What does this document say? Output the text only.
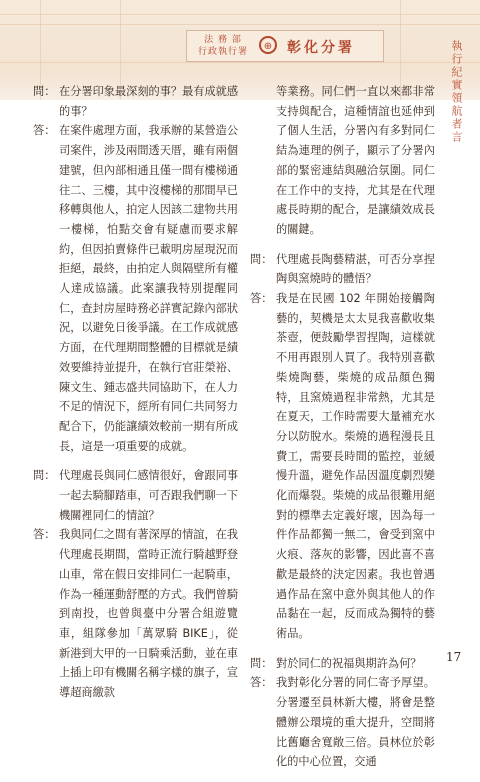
法 務 部
行政執行署	⊕	彰化分署	執行紀實 領航者言
問： 在分署印象最深刻的事？最有成就感的事？
答： 在案件處理方面，我承辦的某營造公司案件，涉及兩間透天厝，雖有兩個建號，但內部相通且僅一間有樓梯通往二、三樓，其中沒樓梯的那間早已移轉與他人，拍定人因該二建物共用一樓梯，怕點交會有疑慮而要求解約，但因拍賣條件已載明房屋現況而拒絕，最終，由拍定人與隔壁所有權人達成協議。此案讓我特別提醒同仁，查封房屋時務必詳實記錄內部狀況，以避免日後爭議。在工作成就感方面，在代理期間整體的目標就是績效要維持並提升，在執行官莊榮裕、陳文生、鍾志盛共同協助下，在人力不足的情況下，經所有同仁共同努力配合下，仍能讓績效較前一期有所成長，這是一項重要的成就。
問： 代理處長與同仁感情很好，會跟同事一起去騎腳踏車，可否跟我們聊一下機關裡同仁的情誼？
答： 我與同仁之間有著深厚的情誼，在我代理處長期間，當時正流行騎越野登山車，常在假日安排同仁一起騎車，作為一種運動舒壓的方式。我們曾騎到南投，也曾與臺中分署合組遊覽車，組隊參加「萬眾騎 BIKE」，從新港到大甲的一日騎乘活動，並在車上插上印有機關名稱字樣的旗子，宣導超商繳款
等業務。同仁們一直以來都非常支持與配合，這種情誼也延伸到了個人生活，分署內有多對同仁結為連理的例子，顯示了分署內部的緊密連結與融洽氛圍。同仁在工作中的支持，尤其是在代理處長時期的配合，是讓績效成長的關鍵。
問： 代理處長陶藝精湛，可否分享捏陶與窯燒時的體悟？
答： 我是在民國 102 年開始接觸陶藝的，契機是太太見我喜歡收集茶壺，便鼓勵學習捏陶，這樣就不用再跟別人買了。我特別喜歡柴燒陶藝，柴燒的成品顏色獨特，且窯燒過程非常熱，尤其是在夏天，工作時需要大量補充水分以防脫水。柴燒的過程漫長且費工，需要長時間的監控，並緩慢升溫，避免作品因溫度劇烈變化而爆裂。柴燒的成品很難用絕對的標準去定義好壞，因為每一件作品都獨一無二，會受到窯中火痕、落灰的影響，因此喜不喜歡是最終的決定因素。我也曾遇過作品在窯中意外與其他人的作品黏在一起，反而成為獨特的藝術品。
問： 對於同仁的祝福與期許為何？
答： 我對彰化分署的同仁寄予厚望。分署遷至員林新大樓，將會是整體辦公環境的重大提升，空間將比舊廳舍寬敞三倍。員林位於彰化的中心位置，交通
17
